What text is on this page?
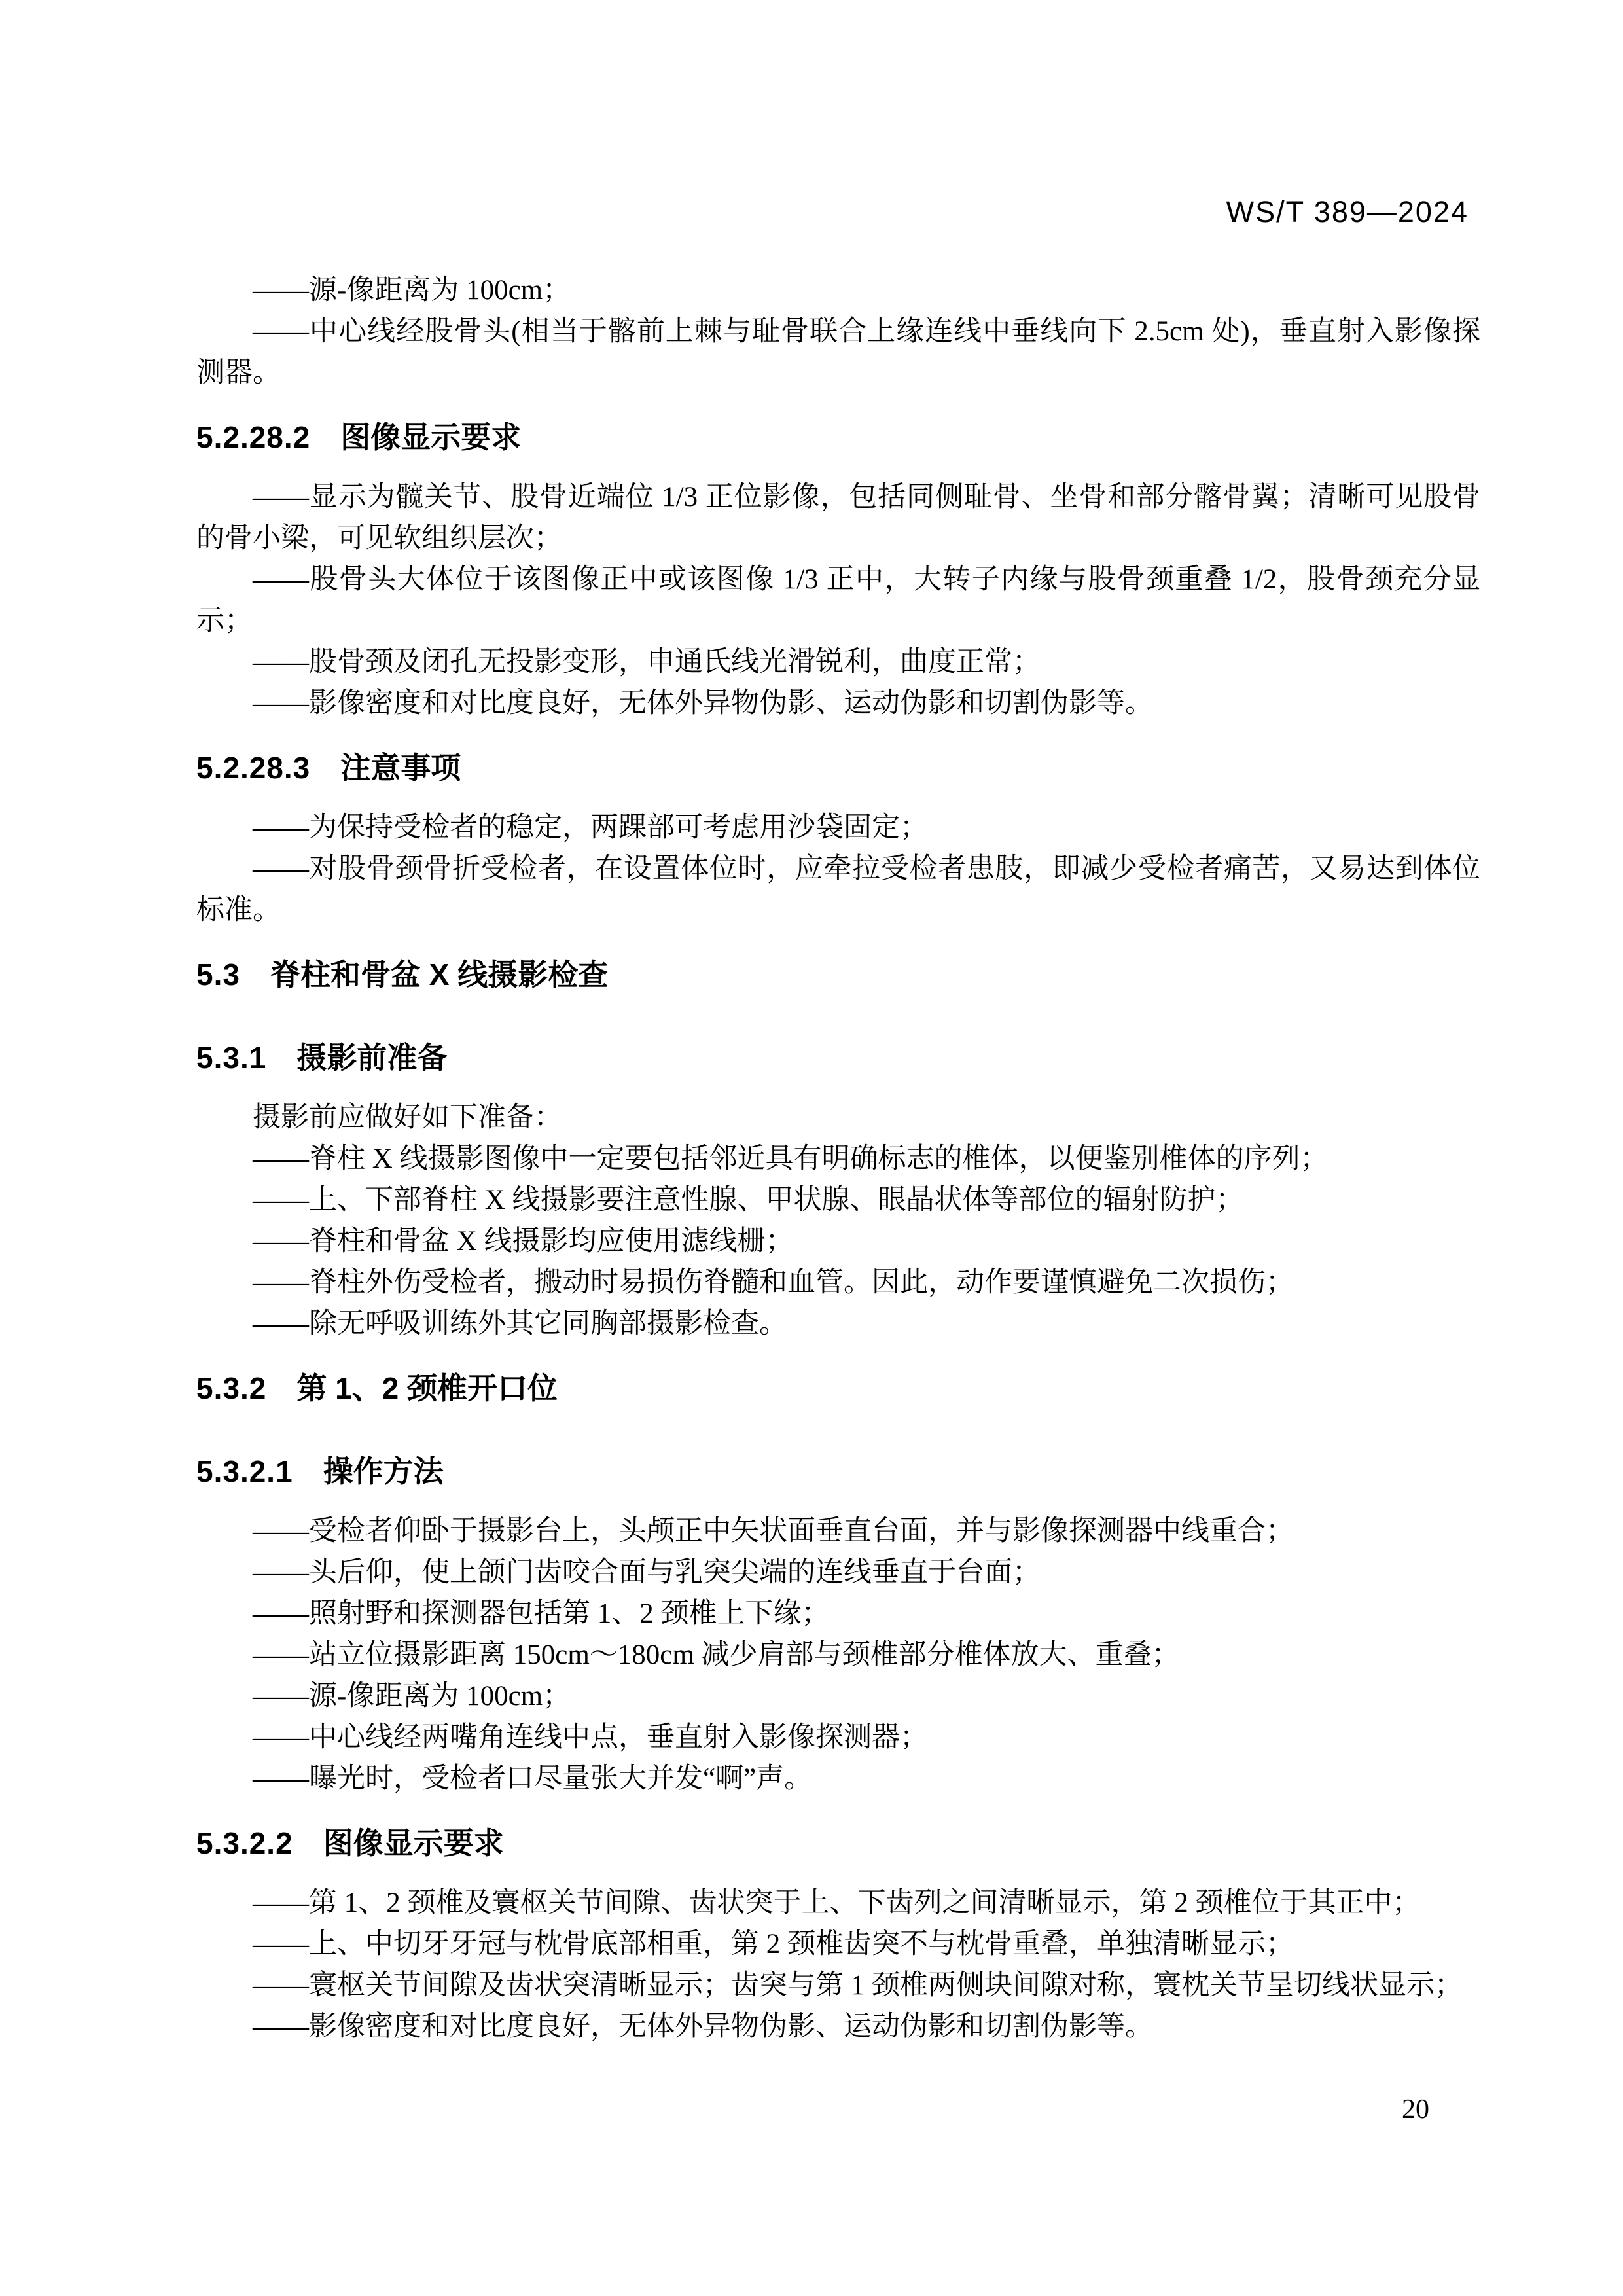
WS/T 389—2024

——源-像距离为 100cm；

——中心线经股骨头(相当于髂前上棘与耻骨联合上缘连线中垂线向下 2.5cm 处)，垂直射入影像探测器。

5.2.28.2 图像显示要求

——显示为髋关节、股骨近端位 1/3 正位影像，包括同侧耻骨、坐骨和部分髂骨翼；清晰可见股骨的骨小梁，可见软组织层次；

——股骨头大体位于该图像正中或该图像 1/3 正中，大转子内缘与股骨颈重叠 1/2，股骨颈充分显示；

——股骨颈及闭孔无投影变形，申通氏线光滑锐利，曲度正常；

——影像密度和对比度良好，无体外异物伪影、运动伪影和切割伪影等。

5.2.28.3 注意事项

——为保持受检者的稳定，两踝部可考虑用沙袋固定；

——对股骨颈骨折受检者，在设置体位时，应牵拉受检者患肢，即减少受检者痛苦，又易达到体位标准。

5.3 脊柱和骨盆 X 线摄影检查
5.3.1 摄影前准备

摄影前应做好如下准备：

——脊柱 X 线摄影图像中一定要包括邻近具有明确标志的椎体，以便鉴别椎体的序列；

——上、下部脊柱 X 线摄影要注意性腺、甲状腺、眼晶状体等部位的辐射防护；

——脊柱和骨盆 X 线摄影均应使用滤线栅；

——脊柱外伤受检者，搬动时易损伤脊髓和血管。因此，动作要谨慎避免二次损伤；

——除无呼吸训练外其它同胸部摄影检查。

5.3.2 第 1、2 颈椎开口位
5.3.2.1 操作方法

——受检者仰卧于摄影台上，头颅正中矢状面垂直台面，并与影像探测器中线重合；

——头后仰，使上颌门齿咬合面与乳突尖端的连线垂直于台面；

——照射野和探测器包括第 1、2 颈椎上下缘；

——站立位摄影距离 150cm～180cm 减少肩部与颈椎部分椎体放大、重叠；

——源-像距离为 100cm；

——中心线经两嘴角连线中点，垂直射入影像探测器；

——曝光时，受检者口尽量张大并发“啊”声。

5.3.2.2 图像显示要求

——第 1、2 颈椎及寰枢关节间隙、齿状突于上、下齿列之间清晰显示，第 2 颈椎位于其正中；

——上、中切牙牙冠与枕骨底部相重，第 2 颈椎齿突不与枕骨重叠，单独清晰显示；

——寰枢关节间隙及齿状突清晰显示；齿突与第 1 颈椎两侧块间隙对称，寰枕关节呈切线状显示；

——影像密度和对比度良好，无体外异物伪影、运动伪影和切割伪影等。

20
